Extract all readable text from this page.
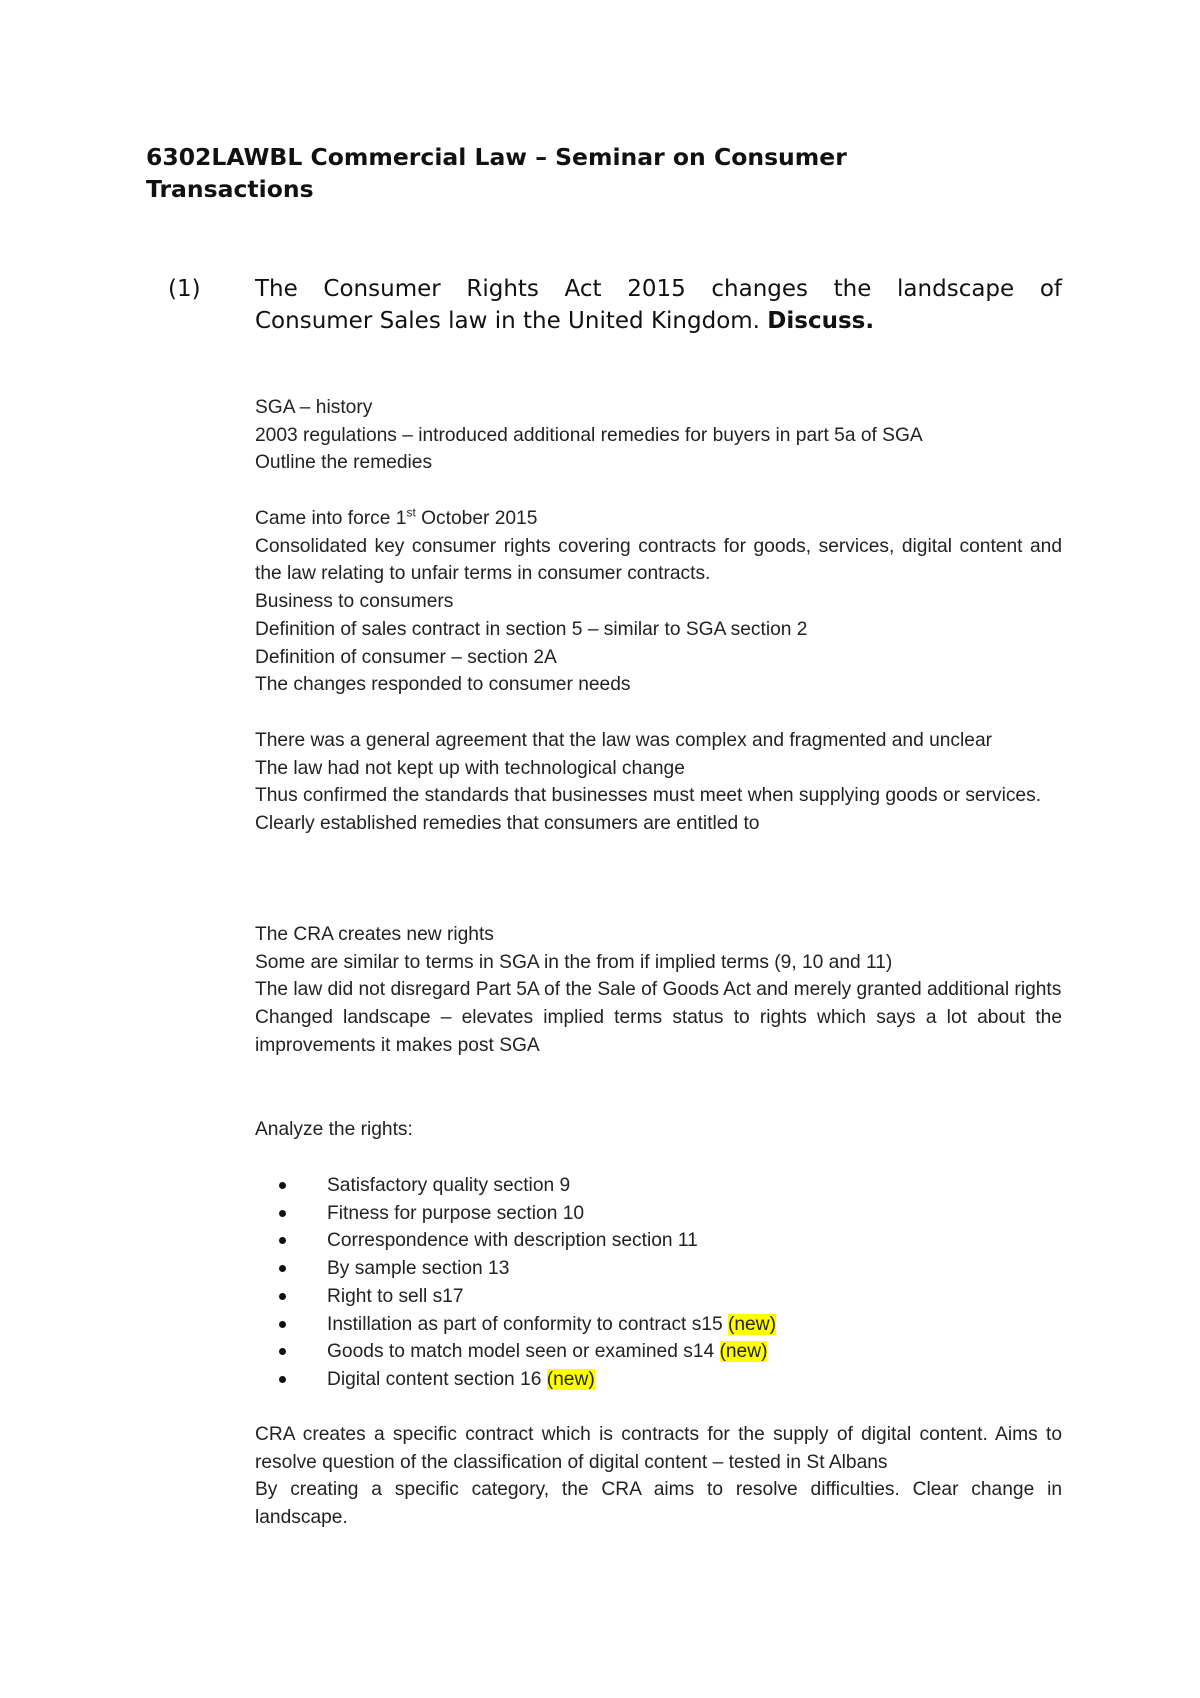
6302LAWBL Commercial Law – Seminar on Consumer Transactions
(1) The Consumer Rights Act 2015 changes the landscape of
Consumer Sales law in the United Kingdom. Discuss.

SGA – history

2003 regulations – introduced additional remedies for buyers in part 5a of SGA

Outline the remedies

Came into force 1st October 2015

Consolidated key consumer rights covering contracts for goods, services, digital content and the law relating to unfair terms in consumer contracts.

Business to consumers

Definition of sales contract in section 5 – similar to SGA section 2

Definition of consumer – section 2A

The changes responded to consumer needs

There was a general agreement that the law was complex and fragmented and unclear

The law had not kept up with technological change

Thus confirmed the standards that businesses must meet when supplying goods or services.

Clearly established remedies that consumers are entitled to

The CRA creates new rights

Some are similar to terms in SGA in the from if implied terms (9, 10 and 11)

The law did not disregard Part 5A of the Sale of Goods Act and merely granted additional rights

Changed landscape – elevates implied terms status to rights which says a lot about the improvements it makes post SGA

Analyze the rights:

Satisfactory quality section 9
Fitness for purpose section 10
Correspondence with description section 11
By sample section 13
Right to sell s17
Instillation as part of conformity to contract s15 (new)
Goods to match model seen or examined s14 (new)
Digital content section 16 (new)

CRA creates a specific contract which is contracts for the supply of digital content. Aims to resolve question of the classification of digital content – tested in St Albans

By creating a specific category, the CRA aims to resolve difficulties. Clear change in landscape.
